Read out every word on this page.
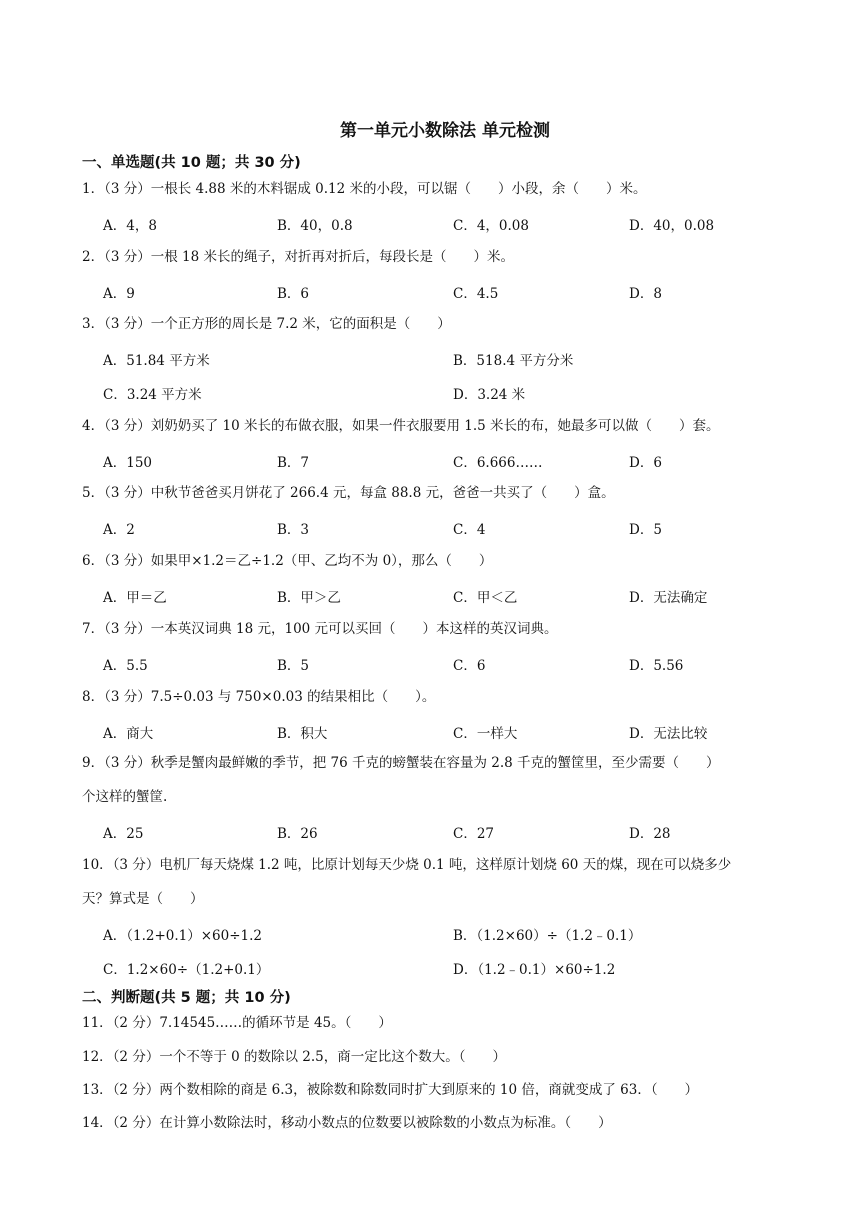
第一单元小数除法 单元检测
一、单选题(共 10 题；共 30 分)
1．（3 分）一根长 4.88 米的木料锯成 0.12 米的小段，可以锯（　　）小段，余（　　）米。
A．4，8	B．40，0.8	C．4，0.08	D．40，0.08
2．（3 分）一根 18 米长的绳子，对折再对折后，每段长是（　　）米。
A．9	B．6	C．4.5	D．8
3．（3 分）一个正方形的周长是 7.2 米，它的面积是（　　）
A．51.84 平方米	B．518.4 平方分米
C．3.24 平方米	D．3.24 米
4．（3 分）刘奶奶买了 10 米长的布做衣服，如果一件衣服要用 1.5 米长的布，她最多可以做（　　）套。
A．150	B．7	C．6.666……	D．6
5．（3 分）中秋节爸爸买月饼花了 266.4 元，每盒 88.8 元，爸爸一共买了（　　）盒。
A．2	B．3	C．4	D．5
6．（3 分）如果甲×1.2＝乙÷1.2（甲、乙均不为 0），那么（　　）
A．甲＝乙	B．甲＞乙	C．甲＜乙	D．无法确定
7．（3 分）一本英汉词典 18 元，100 元可以买回（　　）本这样的英汉词典。
A．5.5	B．5	C．6	D．5.56
8．（3 分）7.5÷0.03 与 750×0.03 的结果相比（　　）。
A．商大	B．积大	C．一样大	D．无法比较
9．（3 分）秋季是蟹肉最鲜嫩的季节，把 76 千克的螃蟹装在容量为 2.8 千克的蟹筐里，至少需要（　　）
个这样的蟹筐.
A．25	B．26	C．27	D．28
10．（3 分）电机厂每天烧煤 1.2 吨，比原计划每天少烧 0.1 吨，这样原计划烧 60 天的煤，现在可以烧多少
天？算式是（　　）
A．（1.2+0.1）×60÷1.2	B．（1.2×60）÷（1.2﹣0.1）
C．1.2×60÷（1.2+0.1）	D．（1.2﹣0.1）×60÷1.2
二、判断题(共 5 题；共 10 分)
11．（2 分）7.14545……的循环节是 45。（　　）
12．（2 分）一个不等于 0 的数除以 2.5，商一定比这个数大。（　　）
13．（2 分）两个数相除的商是 6.3，被除数和除数同时扩大到原来的 10 倍，商就变成了 63．（　　）
14．（2 分）在计算小数除法时，移动小数点的位数要以被除数的小数点为标准。（　　）
